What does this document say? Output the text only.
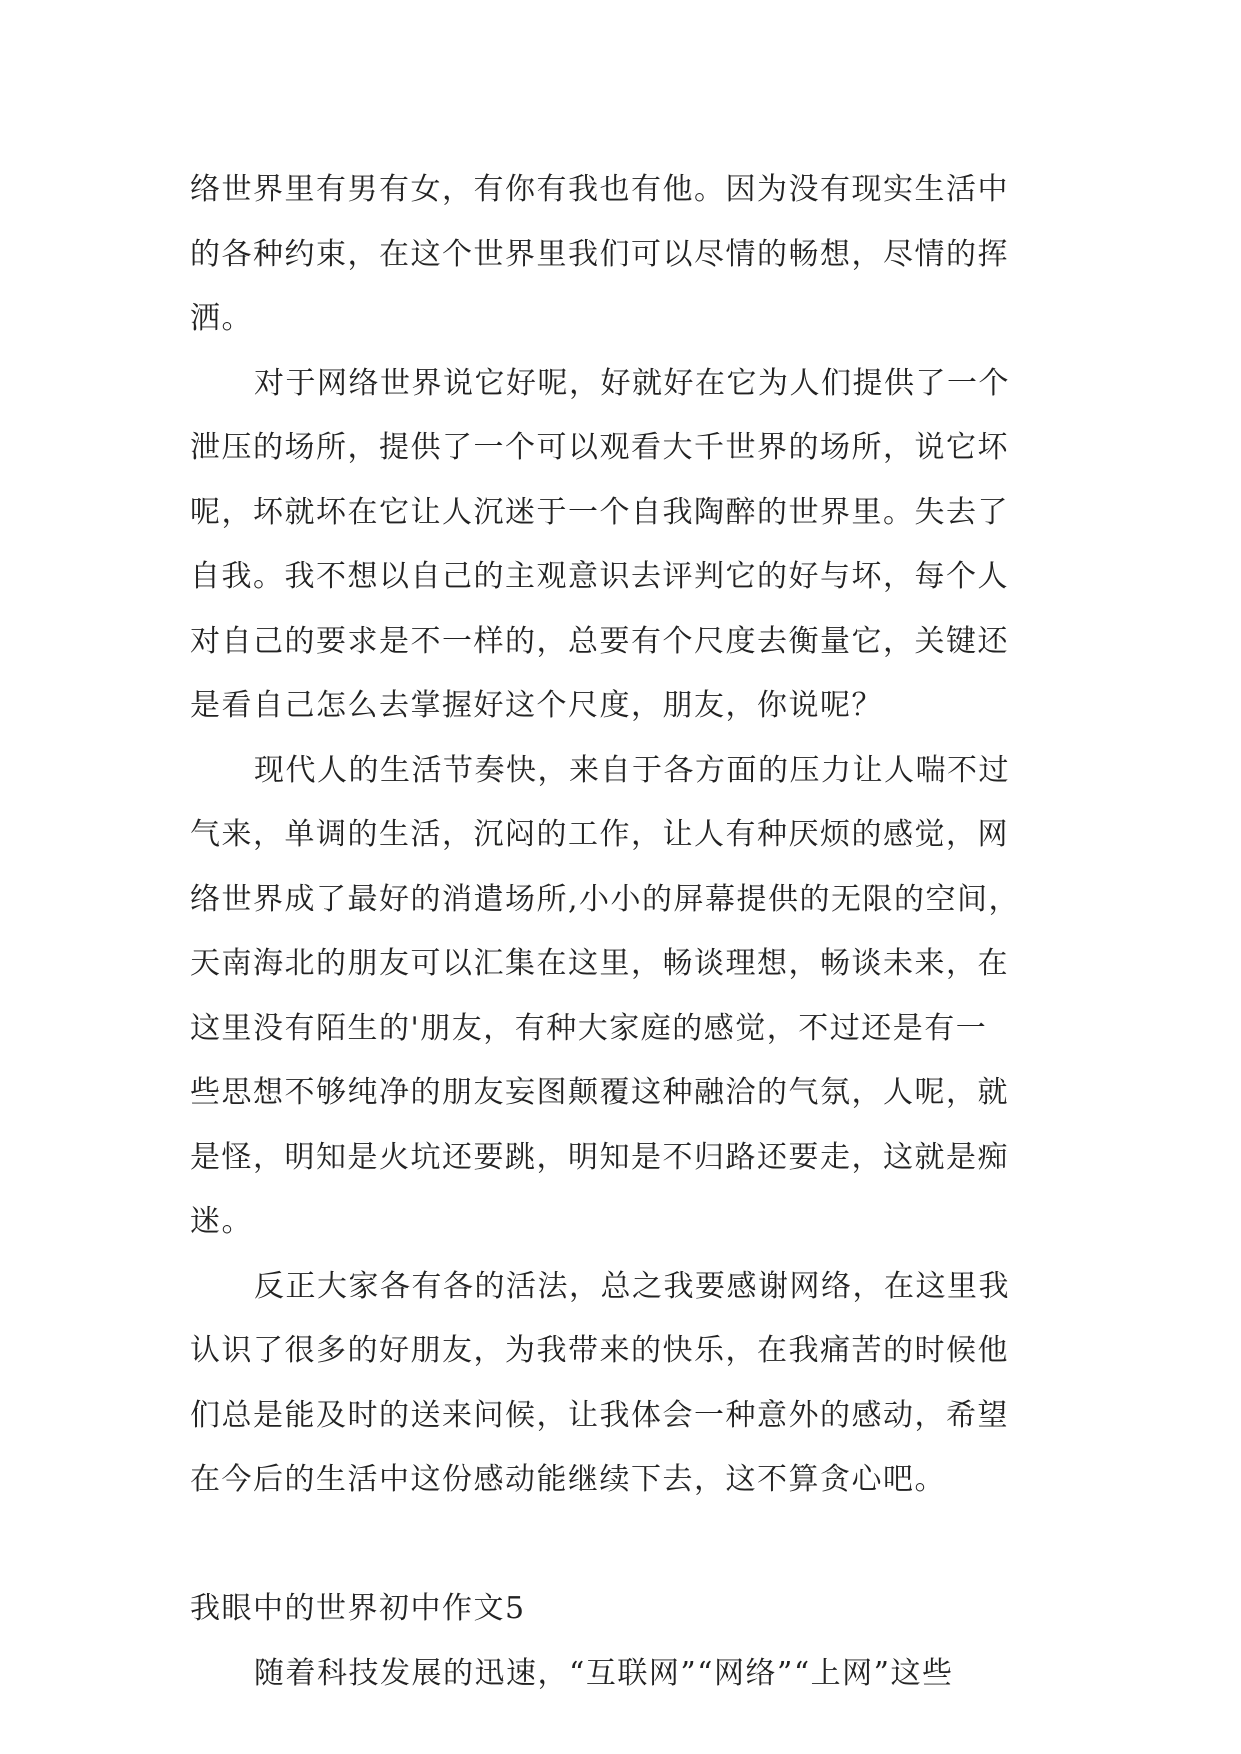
络世界里有男有女，有你有我也有他。因为没有现实生活中
的各种约束，在这个世界里我们可以尽情的畅想，尽情的挥
洒。
对于网络世界说它好呢，好就好在它为人们提供了一个
泄压的场所，提供了一个可以观看大千世界的场所，说它坏
呢，坏就坏在它让人沉迷于一个自我陶醉的世界里。失去了
自我。我不想以自己的主观意识去评判它的好与坏，每个人
对自己的要求是不一样的，总要有个尺度去衡量它，关键还
是看自己怎么去掌握好这个尺度，朋友，你说呢？
现代人的生活节奏快，来自于各方面的压力让人喘不过
气来，单调的生活，沉闷的工作，让人有种厌烦的感觉，网
络世界成了最好的消遣场所,小小的屏幕提供的无限的空间，
天南海北的朋友可以汇集在这里，畅谈理想，畅谈未来，在
这里没有陌生的'朋友，有种大家庭的感觉，不过还是有一
些思想不够纯净的朋友妄图颠覆这种融洽的气氛，人呢，就
是怪，明知是火坑还要跳，明知是不归路还要走，这就是痴
迷。
反正大家各有各的活法，总之我要感谢网络，在这里我
认识了很多的好朋友，为我带来的快乐，在我痛苦的时候他
们总是能及时的送来问候，让我体会一种意外的感动，希望
在今后的生活中这份感动能继续下去，这不算贪心吧。
我眼中的世界初中作文5
随着科技发展的迅速，“互联网”“网络”“上网”这些
